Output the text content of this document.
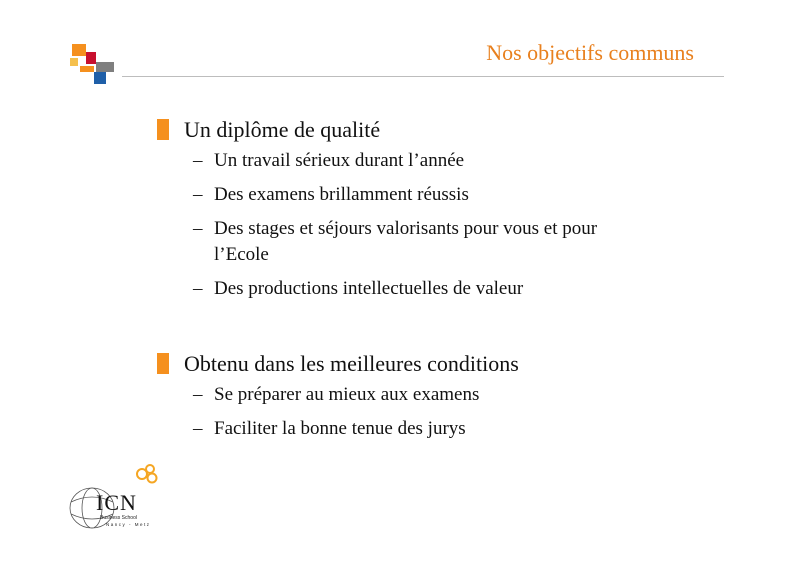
Nos objectifs communs
Un diplôme de qualité
– Un travail sérieux durant l’année
– Des examens brillamment réussis
– Des stages et séjours valorisants pour vous et pour l’Ecole
– Des productions intellectuelles de valeur
Obtenu dans les meilleures conditions
– Se préparer au mieux aux examens
– Faciliter la bonne tenue des jurys
ICN
Business School
Nancy - Metz
